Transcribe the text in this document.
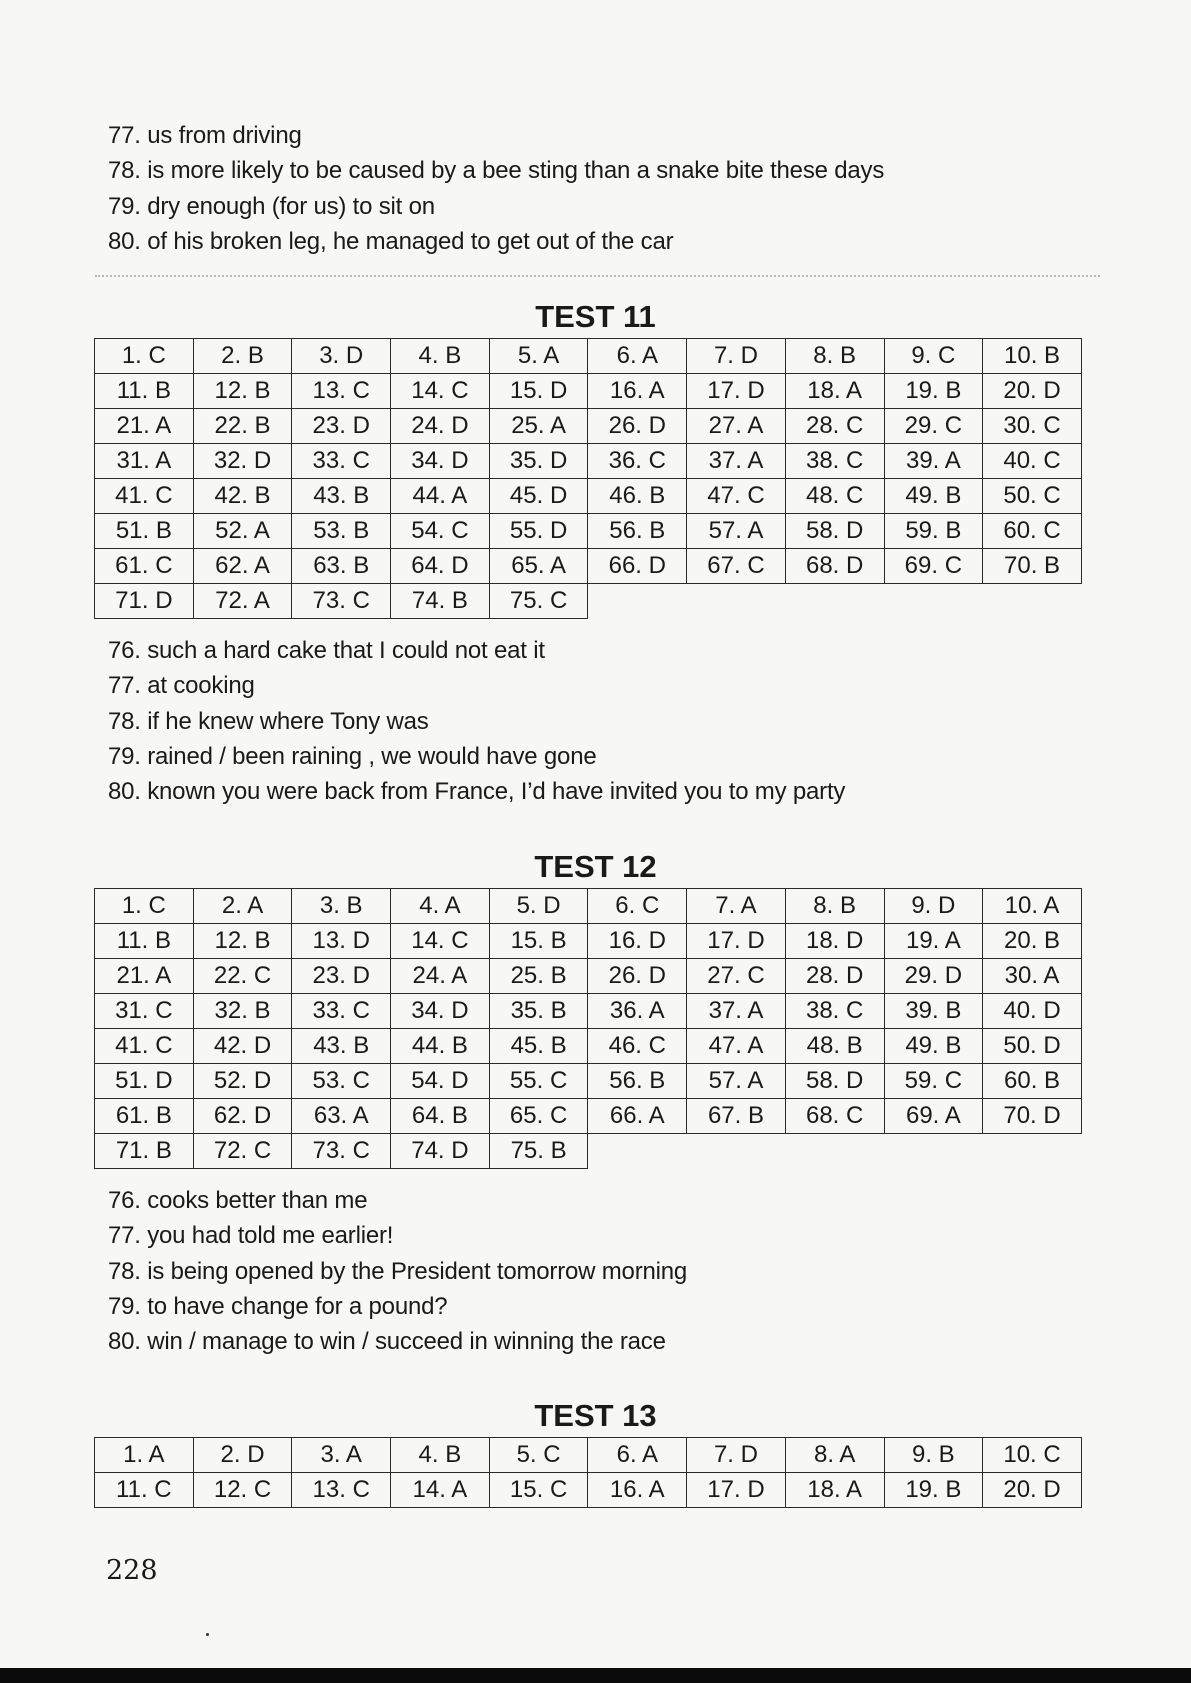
77. us from driving
78. is more likely to be caused by a bee sting than a snake bite these days
79. dry enough (for us) to sit on
80. of his broken leg, he managed to get out of the car
TEST 11
1. C	2. B	3. D	4. B	5. A	6. A	7. D	8. B	9. C	10. B
11. B	12. B	13. C	14. C	15. D	16. A	17. D	18. A	19. B	20. D
21. A	22. B	23. D	24. D	25. A	26. D	27. A	28. C	29. C	30. C
31. A	32. D	33. C	34. D	35. D	36. C	37. A	38. C	39. A	40. C
41. C	42. B	43. B	44. A	45. D	46. B	47. C	48. C	49. B	50. C
51. B	52. A	53. B	54. C	55. D	56. B	57. A	58. D	59. B	60. C
61. C	62. A	63. B	64. D	65. A	66. D	67. C	68. D	69. C	70. B
71. D	72. A	73. C	74. B	75. C					
76. such a hard cake that I could not eat it
77. at cooking
78. if he knew where Tony was
79. rained / been raining , we would have gone
80. known you were back from France, I’d have invited you to my party
TEST 12
1. C	2. A	3. B	4. A	5. D	6. C	7. A	8. B	9. D	10. A
11. B	12. B	13. D	14. C	15. B	16. D	17. D	18. D	19. A	20. B
21. A	22. C	23. D	24. A	25. B	26. D	27. C	28. D	29. D	30. A
31. C	32. B	33. C	34. D	35. B	36. A	37. A	38. C	39. B	40. D
41. C	42. D	43. B	44. B	45. B	46. C	47. A	48. B	49. B	50. D
51. D	52. D	53. C	54. D	55. C	56. B	57. A	58. D	59. C	60. B
61. B	62. D	63. A	64. B	65. C	66. A	67. B	68. C	69. A	70. D
71. B	72. C	73. C	74. D	75. B					
76. cooks better than me
77. you had told me earlier!
78. is being opened by the President tomorrow morning
79. to have change for a pound?
80. win / manage to win / succeed in winning the race
TEST 13
1. A	2. D	3. A	4. B	5. C	6. A	7. D	8. A	9. B	10. C
11. C	12. C	13. C	14. A	15. C	16. A	17. D	18. A	19. B	20. D
228
